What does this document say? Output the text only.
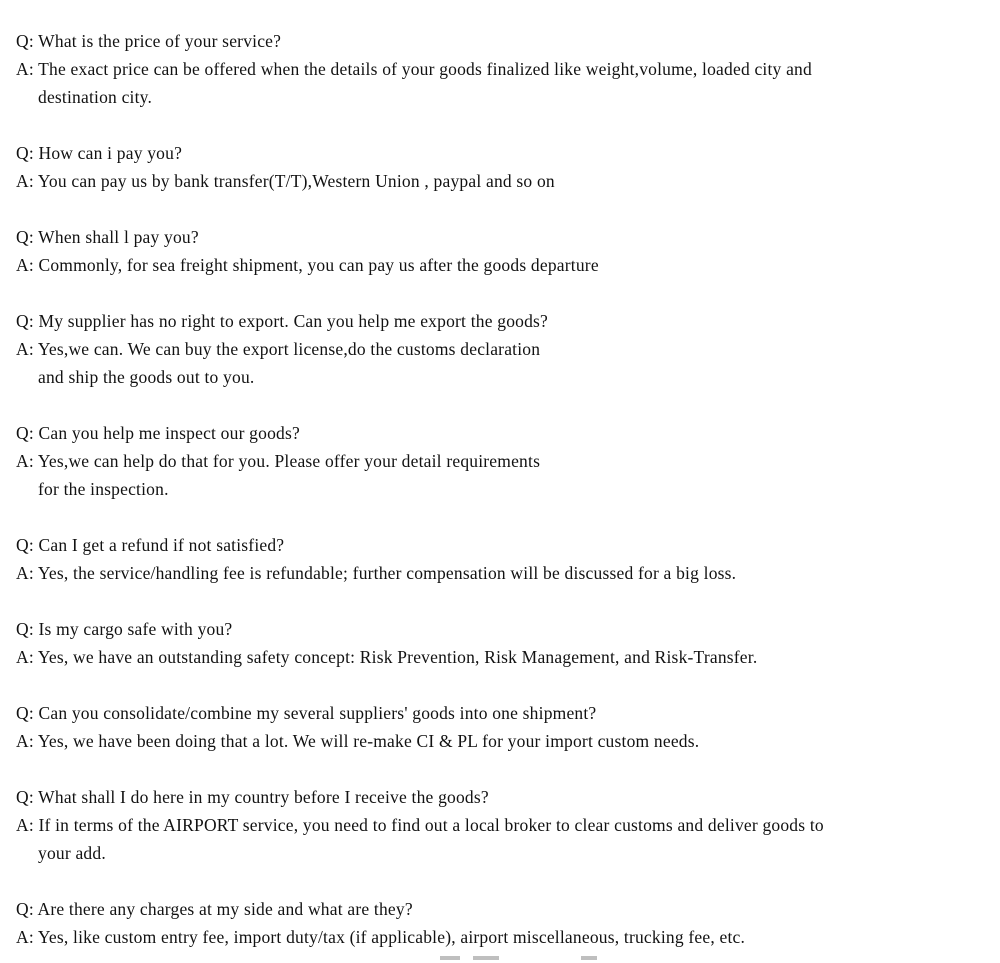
Q: What is the price of your service?
A: The exact price can be offered when the details of your goods finalized like weight,volume, loaded city and
destination city.
Q: How can i pay you?
A: You can pay us by bank transfer(T/T),Western Union , paypal and so on
Q: When shall l pay you?
A: Commonly, for sea freight shipment, you can pay us after the goods departure
Q: My supplier has no right to export. Can you help me export the goods?
A: Yes,we can. We can buy the export license,do the customs declaration
and ship the goods out to you.
Q: Can you help me inspect our goods?
A: Yes,we can help do that for you. Please offer your detail requirements
for the inspection.
Q: Can I get a refund if not satisfied?
A: Yes, the service/handling fee is refundable; further compensation will be discussed for a big loss.
Q: Is my cargo safe with you?
A: Yes, we have an outstanding safety concept: Risk Prevention, Risk Management, and Risk-Transfer.
Q: Can you consolidate/combine my several suppliers' goods into one shipment?
A: Yes, we have been doing that a lot. We will re-make CI & PL for your import custom needs.
Q: What shall I do here in my country before I receive the goods?
A: If in terms of the AIRPORT service, you need to find out a local broker to clear customs and deliver goods to
your add.
Q: Are there any charges at my side and what are they?
A: Yes, like custom entry fee, import duty/tax (if applicable), airport miscellaneous, trucking fee, etc.
